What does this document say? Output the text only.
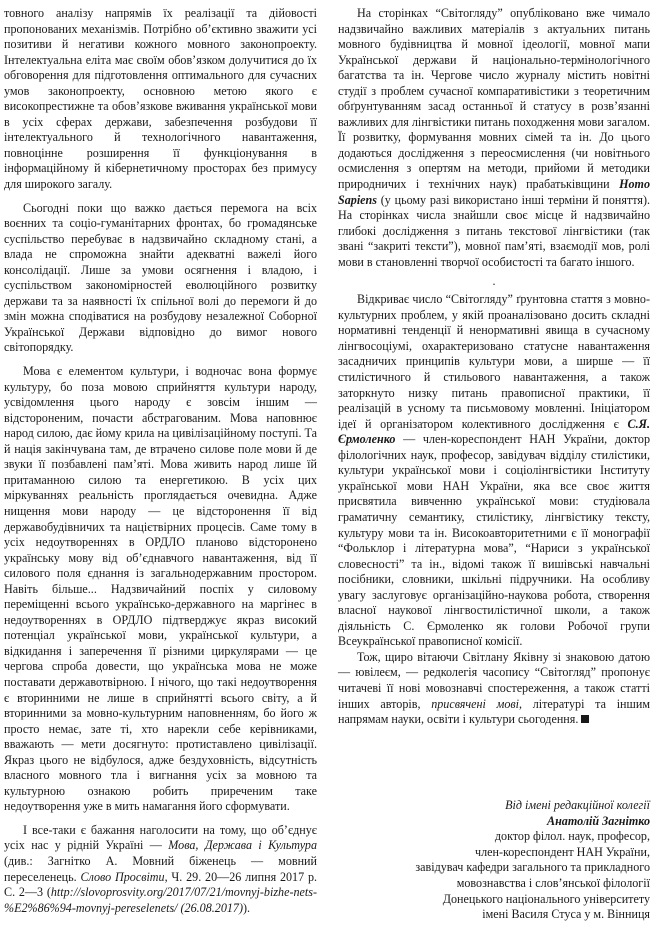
товного аналізу напрямів їх реалізації та дійовості пропонованих механізмів. Потрібно об’єктивно зважити усі позитиви й негативи кожного мовного законопроекту. Інтелектуальна еліта має своїм обов’язком долучитися до їх обговорення для підготовлення оптимального для сучасних умов законопроекту, основною метою якого є високопрестижне та обов’язкове вживання української мови в усіх сферах держави, забезпечення розбудови її інтелектуального й технологічного навантаження, повноцінне розширення її функціонування в інформаційному й кібернетичному просторах без примусу для широкого загалу.

Сьогодні поки що важко дається перемога на всіх воєнних та соціо-гуманітарних фронтах, бо громадянське суспільство перебуває в надзвичайно складному стані, а влада не спроможна знайти адекватні важелі його консолідації. Лише за умови осягнення і владою, і суспільством закономірностей еволюційного розвитку держави та за наявності їх спільної волі до перемоги й до змін можна сподіватися на розбудову незалежної Соборної Української Держави відповідно до вимог нового світопорядку.

Мова є елементом культури, і водночас вона формує культуру, бо поза мовою сприйняття культури народу, усвідомлення цього народу є зовсім іншим — відстороненим, почасти абстрагованим. Мова наповнює народ силою, дає йому крила на цивілізаційному поступі. Та й нація закінчувана там, де втрачено силове поле мови й де звуки її позбавлені пам’яті. Мова живить народ лише їй притаманною силою та енергетикою. В усіх цих міркуваннях реальність проглядається очевидна. Адже нищення мови народу — це відсторонення її від державобудівничих та націєтвірних процесів. Саме тому в усіх недоутвореннях в ОРДЛО планово відсторонено українську мову від об’єднавчого навантаження, від її силового поля єднання із загальнодержавним простором. Навіть більше... Надзвичайний поспіх у силовому переміщенні всього українсько-державного на маргінес в недоутвореннях в ОРДЛО підтверджує якраз високий потенціал української мови, української культури, а відкидання і заперечення її різними циркулярами — це чергова спроба довести, що українська мова не може поставати державотвірною. І нічого, що такі недоутворення є вторинними не лише в сприйнятті всього світу, а й вторинними за мовно-культурним наповненням, бо його ж просто немає, зате ті, хто нарекли себе керівниками, вважають — мети досягнуто: протиставлено цивілізації. Якраз цього не відбулося, адже бездуховність, відсутність власного мовного тла і вигнання усіх за мовною та культурною ознакою робить приреченим таке недоутворення уже в мить намагання його сформувати.

І все-таки є бажання наголосити на тому, що об’єднує усіх нас у рідній Україні — Мова, Держава і Культура (див.: Загнітко А. Мовний біженець — мовний переселенець. Слово Просвіти, Ч. 29. 20—26 липня 2017 р. С. 2—3 (http://slovoprosvity.org/2017/07/21/movnyj-bizhe-nets-%E2%86%94-movnyj-pereselenets/ (26.08.2017)).

На сторінках “Світогляду” опубліковано вже чимало надзвичайно важливих матеріалів з актуальних питань мовного будівництва й мовної ідеології, мовної мапи Української держави й національно-термінологічного багатства та ін. Чергове число журналу містить новітні студії з проблем сучасної компаративістики з теоретичним обґрунтуванням засад останньої й статусу в розв’язанні важливих для лінгвістики питань походження мови загалом. Її розвитку, формування мовних сімей та ін. До цього додаються дослідження з переосмислення (чи новітнього осмислення з опертям на методи, прийоми й методики природничих і технічних наук) прабатьківщини Homo Sapiens (у цьому разі використано інші терміни й поняття). На сторінках числа знайшли своє місце й надзвичайно глибокі дослідження з питань текстової лінгвістики (так звані “закриті тексти”), мовної пам’яті, взаємодії мов, ролі мови в становленні творчої особистості та багато іншого.

.

Відкриває число “Світогляду” ґрунтовна стаття з мовно-культурних проблем, у якій проаналізовано досить складні нормативні тенденції й ненормативні явища в сучасному лінгвосоціумі, охарактеризовано статусне навантаження засадничих принципів культури мови, а ширше — її стилістичного й стильового навантаження, а також заторкнуто низку питань правописної практики, її реалізацій в усному та письмовому мовленні. Ініціатором ідеї й організатором колективного дослідження є С.Я. Єрмоленко — член-кореспондент НАН України, доктор філологічних наук, професор, завідувач відділу стилістики, культури української мови і соціолінгвістики Інституту української мови НАН України, яка все своє життя присвятила вивченню української мови: студіювала граматичну семантику, стилістику, лінгвістику тексту, культуру мови та ін. Високоавторитетними є її монографії “Фольклор і літературна мова”, “Нариси з української словесності” та ін., відомі також її вишівські навчальні посібники, словники, шкільні підручники. На особливу увагу заслуговує організаційно-наукова робота, створення власної наукової лінгвостилістичної школи, а також діяльність С. Єрмоленко як голови Робочої групи Всеукраїнської правописної комісії.

Тож, щиро вітаючи Світлану Яківну зі знаковою датою — ювілеєм, — редколегія часопису “Світогляд” пропонує читачеві її нові мовознавчі спостереження, а також статті інших авторів, присвячені мові, літературі та іншим напрямам науки, освіти і культури сьогодення.

Від імені редакційної колегії
Анатолій Загнітко
доктор філол. наук, професор,
член-кореспондент НАН України,
завідувач кафедри загального та прикладного
мовознавства і слов’янської філології
Донецького національного університету
імені Василя Стуса у м. Вінниця
